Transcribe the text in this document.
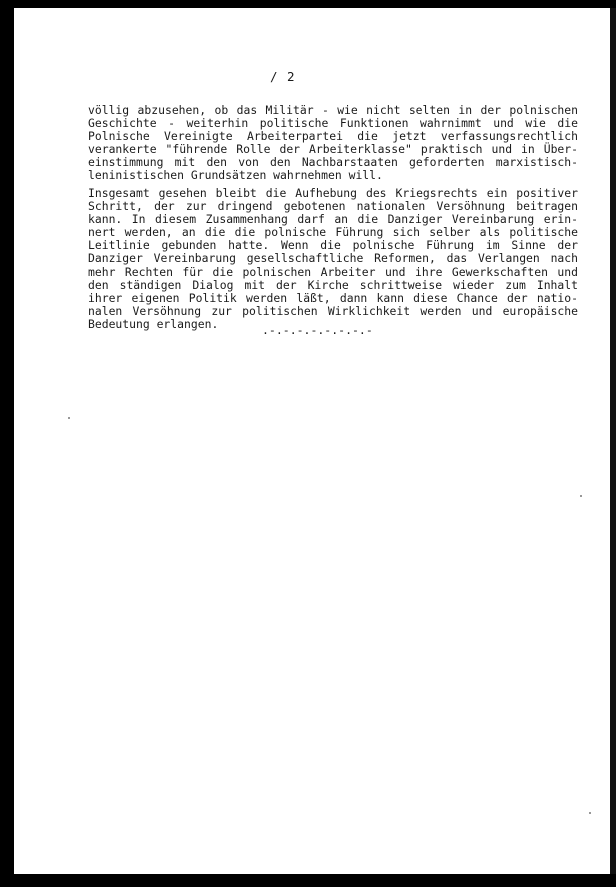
/ 2
völlig abzusehen, ob das Militär - wie nicht selten in der polnischen
Geschichte - weiterhin politische Funktionen wahrnimmt und wie die
Polnische Vereinigte Arbeiterpartei die jetzt verfassungsrechtlich
verankerte "führende Rolle der Arbeiterklasse" praktisch und in Über-
einstimmung mit den von den Nachbarstaaten geforderten marxistisch-
leninistischen Grundsätzen wahrnehmen will.
Insgesamt gesehen bleibt die Aufhebung des Kriegsrechts ein positiver
Schritt, der zur dringend gebotenen nationalen Versöhnung beitragen
kann. In diesem Zusammenhang darf an die Danziger Vereinbarung erin-
nert werden, an die die polnische Führung sich selber als politische
Leitlinie gebunden hatte. Wenn die polnische Führung im Sinne der
Danziger Vereinbarung gesellschaftliche Reformen, das Verlangen nach
mehr Rechten für die polnischen Arbeiter und ihre Gewerkschaften und
den ständigen Dialog mit der Kirche schrittweise wieder zum Inhalt
ihrer eigenen Politik werden läßt, dann kann diese Chance der natio-
nalen Versöhnung zur politischen Wirklichkeit werden und europäische
Bedeutung erlangen.	.-.-.-.-.-.-.-.-
